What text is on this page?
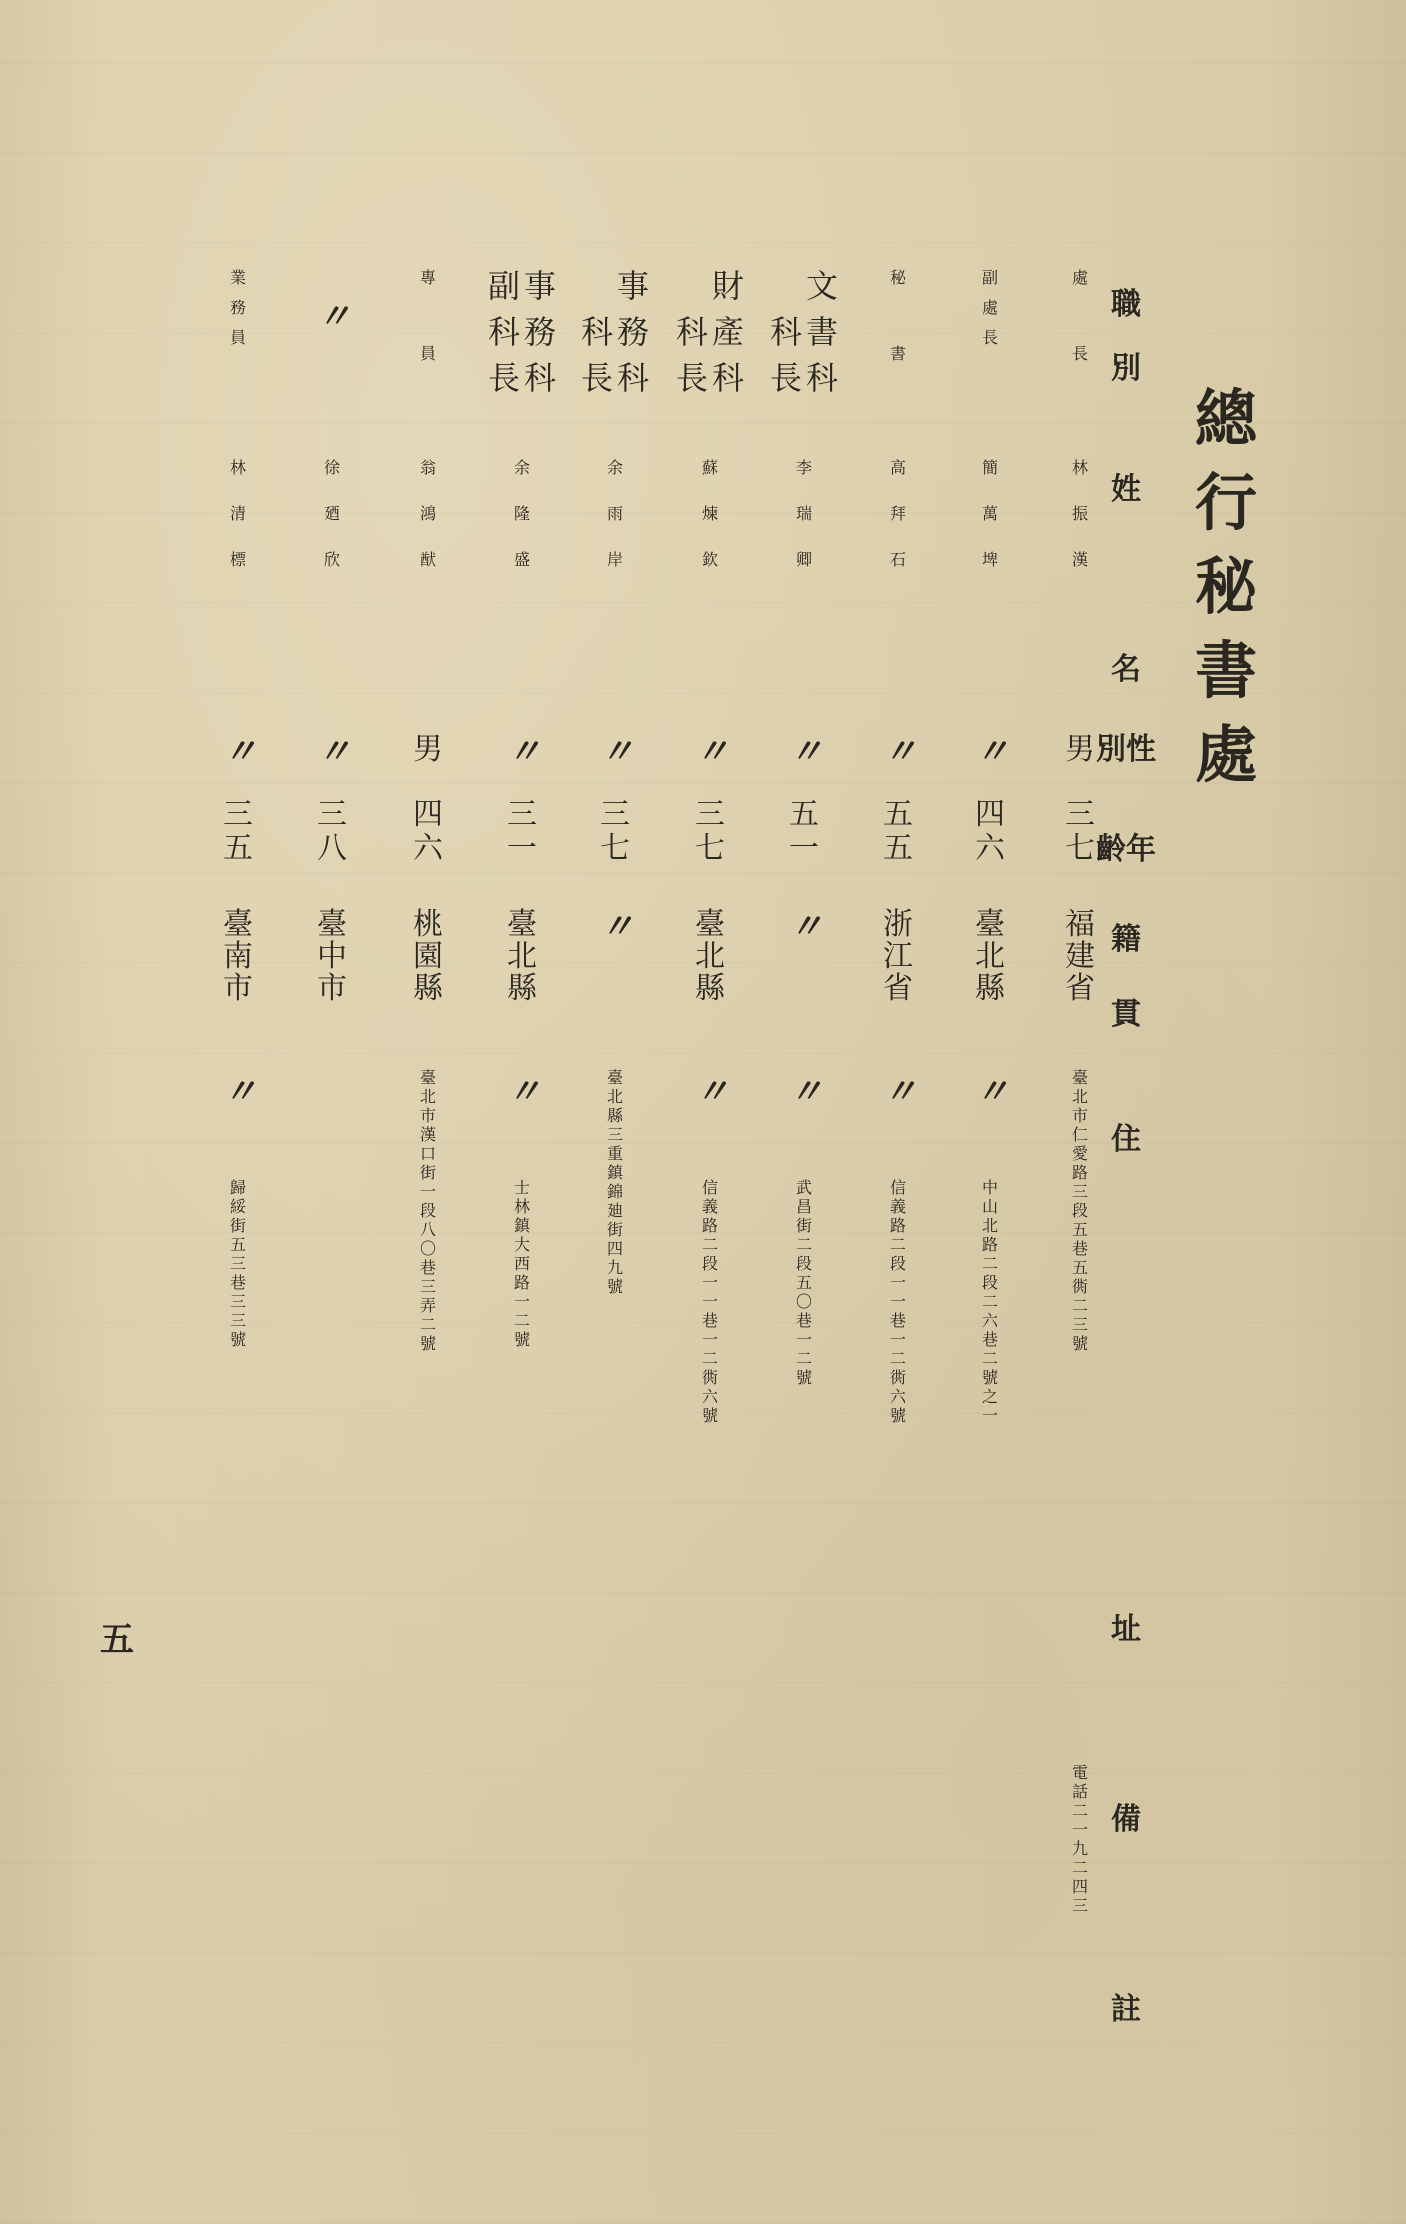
總
行
秘
書
處
職
別
姓
名
性
別
年
齡
籍
貫
住
址
備
註
處
長
林
振
漢
男
三
七
福
建
省
臺
北
市
仁
愛
路
三
段
五
巷
五
衖
二
三
號
電
話
二
一
九
二
四
三
副
處
長
簡
萬
埤
〃
四
六
臺
北
縣
〃
中
山
北
路
二
段
二
六
巷
二
號
之
一
秘
書
高
拜
石
〃
五
五
浙
江
省
〃
信
義
路
二
段
一
一
巷
一
二
衖
六
號
文
書
科

科
長
李
瑞
卿
〃
五
一
〃
〃
武
昌
街
二
段
五
〇
巷
一
二
號
財
產
科

科
長
蘇
煉
欽
〃
三
七
臺
北
縣
〃
信
義
路
二
段
一
一
巷
一
二
衖
六
號
事
務
科

科
長
余
雨
岸
〃
三
七
〃
臺
北
縣
三
重
鎮
錦
廸
街
四
九
號
事
務
科
副
科
長
余
隆
盛
〃
三
一
臺
北
縣
〃
士
林
鎮
大
西
路
一
二
號
專
員
翁
鴻
猷
男
四
六
桃
園
縣
臺
北
市
漢
口
街
一
段
八
〇
巷
三
弄
二
號
〃
徐
廼
欣
〃
三
八
臺
中
市
業
務
員
林
清
標
〃
三
五
臺
南
市
〃
歸
綏
街
五
三
巷
三
三
號
五
